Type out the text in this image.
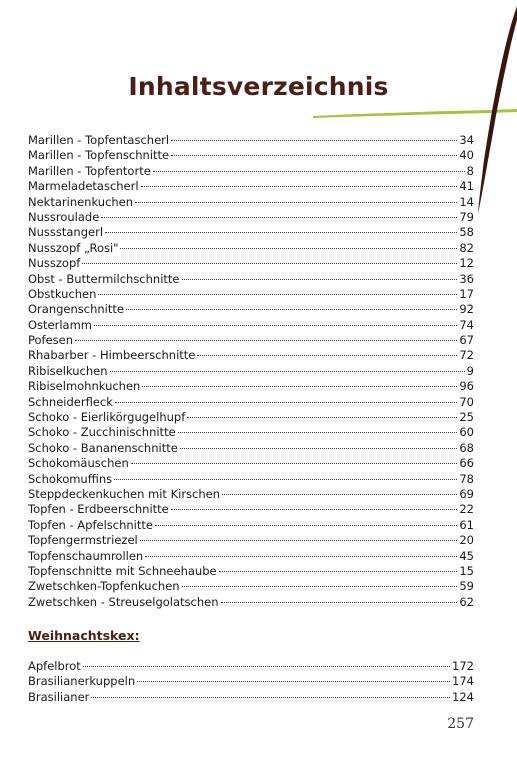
Inhaltsverzeichnis
Marillen - Topfentascherl	34
Marillen - Topfenschnitte	40
Marillen - Topfentorte	8
Marmeladetascherl	41
Nektarinenkuchen	14
Nussroulade	79
Nussstangerl	58
Nusszopf „Rosi"	82
Nusszopf	12
Obst - Buttermilchschnitte	36
Obstkuchen	17
Orangenschnitte	92
Osterlamm	74
Pofesen	67
Rhabarber - Himbeerschnitte	72
Ribiselkuchen	9
Ribiselmohnkuchen	96
Schneiderfleck	70
Schoko - Eierlikörgugelhupf	25
Schoko - Zucchinischnitte	60
Schoko - Bananenschnitte	68
Schokomäuschen	66
Schokomuffins	78
Steppdeckenkuchen mit Kirschen	69
Topfen - Erdbeerschnitte	22
Topfen - Apfelschnitte	61
Topfengermstriezel	20
Topfenschaumrollen	45
Topfenschnitte mit Schneehaube	15
Zwetschken-Topfenkuchen	59
Zwetschken - Streuselgolatschen	62
Weihnachtskex:
Apfelbrot	172
Brasilianerkuppeln	174
Brasilianer	124
257
